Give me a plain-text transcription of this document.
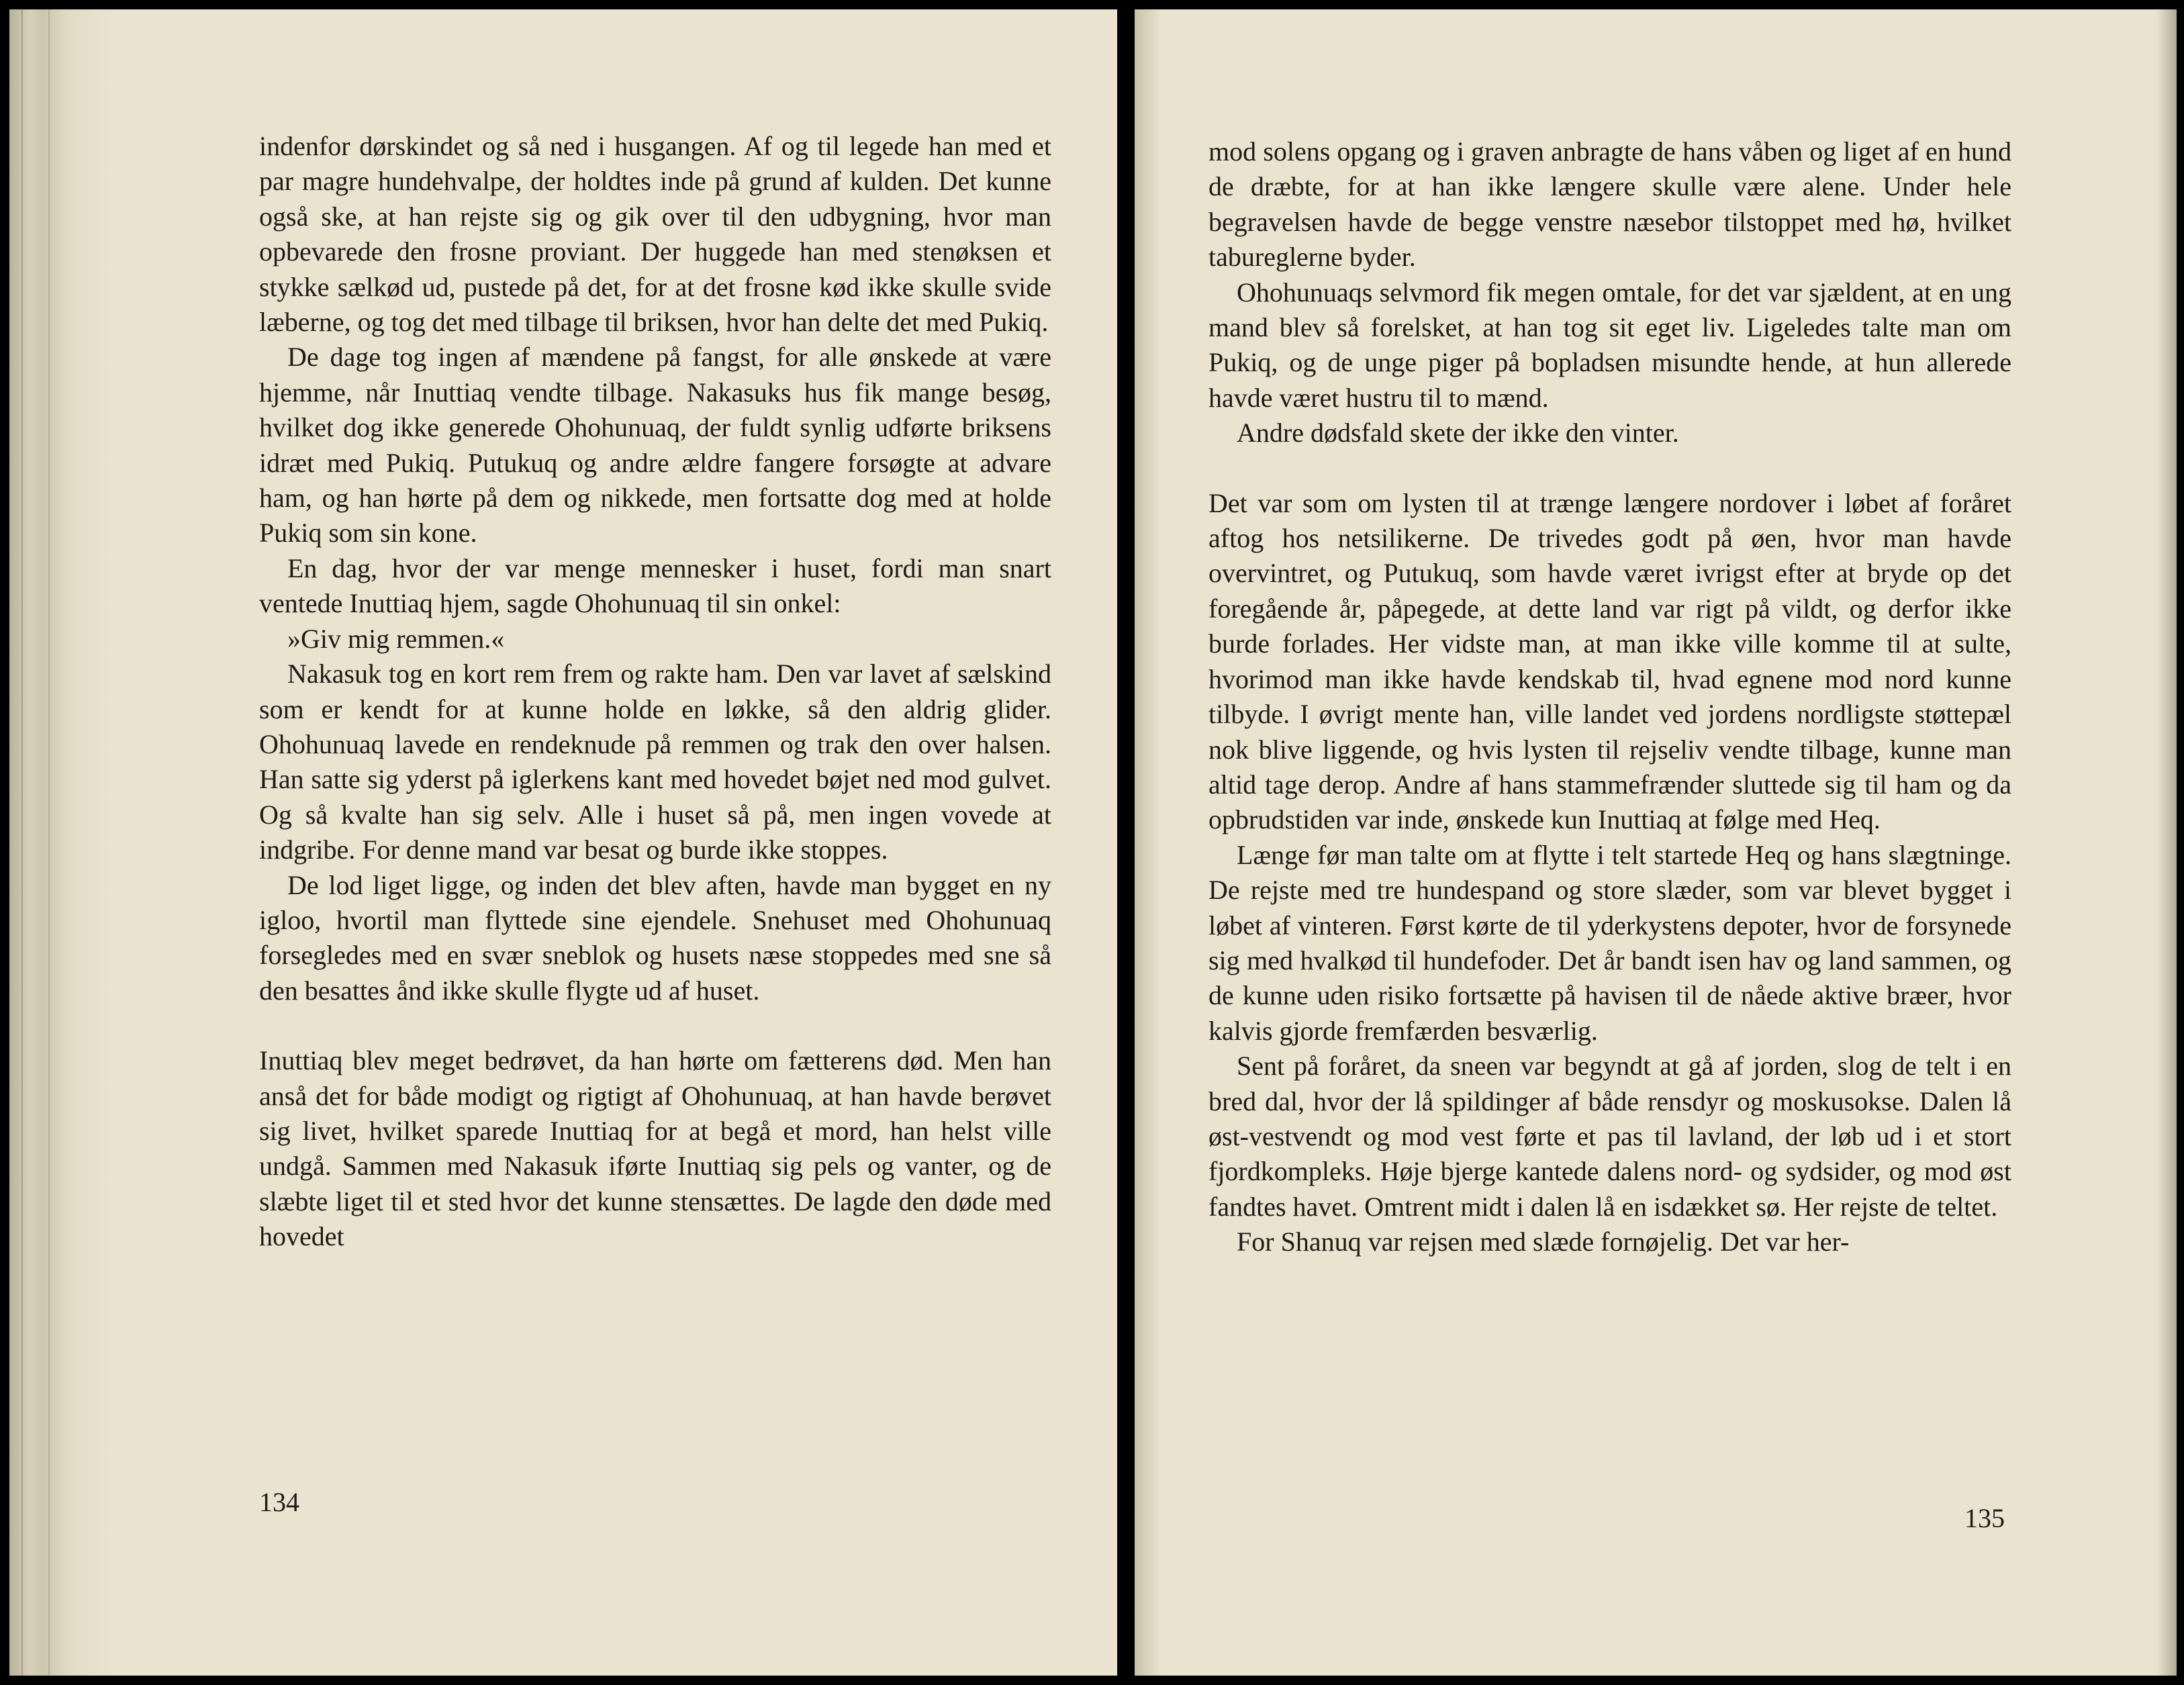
indenfor dørskindet og så ned i husgangen. Af og til legede han med et par magre hundehvalpe, der holdtes inde på grund af kulden. Det kunne også ske, at han rejste sig og gik over til den udbygning, hvor man opbevarede den frosne proviant. Der huggede han med stenøksen et stykke sælkød ud, pustede på det, for at det frosne kød ikke skulle svide læberne, og tog det med tilbage til briksen, hvor han delte det med Pukiq.

De dage tog ingen af mændene på fangst, for alle ønskede at være hjemme, når Inuttiaq vendte tilbage. Nakasuks hus fik mange besøg, hvilket dog ikke generede Ohohunuaq, der fuldt synlig udførte briksens idræt med Pukiq. Putukuq og andre ældre fangere forsøgte at advare ham, og han hørte på dem og nikkede, men fortsatte dog med at holde Pukiq som sin kone.

En dag, hvor der var menge mennesker i huset, fordi man snart ventede Inuttiaq hjem, sagde Ohohunuaq til sin onkel:

»Giv mig remmen.«

Nakasuk tog en kort rem frem og rakte ham. Den var lavet af sælskind som er kendt for at kunne holde en løkke, så den aldrig glider. Ohohunuaq lavede en rendeknude på remmen og trak den over halsen. Han satte sig yderst på iglerkens kant med hovedet bøjet ned mod gulvet. Og så kvalte han sig selv. Alle i huset så på, men ingen vovede at indgribe. For denne mand var besat og burde ikke stoppes.

De lod liget ligge, og inden det blev aften, havde man bygget en ny igloo, hvortil man flyttede sine ejendele. Snehuset med Ohohunuaq forsegledes med en svær sneblok og husets næse stoppedes med sne så den besattes ånd ikke skulle flygte ud af huset.

Inuttiaq blev meget bedrøvet, da han hørte om fætterens død. Men han anså det for både modigt og rigtigt af Ohohunuaq, at han havde berøvet sig livet, hvilket sparede Inuttiaq for at begå et mord, han helst ville undgå. Sammen med Nakasuk iførte Inuttiaq sig pels og vanter, og de slæbte liget til et sted hvor det kunne stensættes. De lagde den døde med hovedet

134

mod solens opgang og i graven anbragte de hans våben og liget af en hund de dræbte, for at han ikke længere skulle være alene. Under hele begravelsen havde de begge venstre næsebor tilstoppet med hø, hvilket tabureglerne byder.

Ohohunuaqs selvmord fik megen omtale, for det var sjældent, at en ung mand blev så forelsket, at han tog sit eget liv. Ligeledes talte man om Pukiq, og de unge piger på bopladsen misundte hende, at hun allerede havde været hustru til to mænd.

Andre dødsfald skete der ikke den vinter.

Det var som om lysten til at trænge længere nordover i løbet af foråret aftog hos netsilikerne. De trivedes godt på øen, hvor man havde overvintret, og Putukuq, som havde været ivrigst efter at bryde op det foregående år, påpegede, at dette land var rigt på vildt, og derfor ikke burde forlades. Her vidste man, at man ikke ville komme til at sulte, hvorimod man ikke havde kendskab til, hvad egnene mod nord kunne tilbyde. I øvrigt mente han, ville landet ved jordens nordligste støttepæl nok blive liggende, og hvis lysten til rejseliv vendte tilbage, kunne man altid tage derop. Andre af hans stammefrænder sluttede sig til ham og da opbrudstiden var inde, ønskede kun Inuttiaq at følge med Heq.

Længe før man talte om at flytte i telt startede Heq og hans slægtninge. De rejste med tre hundespand og store slæder, som var blevet bygget i løbet af vinteren. Først kørte de til yderkystens depoter, hvor de forsynede sig med hvalkød til hundefoder. Det år bandt isen hav og land sammen, og de kunne uden risiko fortsætte på havisen til de nåede aktive bræer, hvor kalvis gjorde fremfærden besværlig.

Sent på foråret, da sneen var begyndt at gå af jorden, slog de telt i en bred dal, hvor der lå spildinger af både rensdyr og moskusokse. Dalen lå øst-vestvendt og mod vest førte et pas til lavland, der løb ud i et stort fjordkompleks. Høje bjerge kantede dalens nord- og sydsider, og mod øst fandtes havet. Omtrent midt i dalen lå en isdækket sø. Her rejste de teltet.

For Shanuq var rejsen med slæde fornøjelig. Det var her-

135
